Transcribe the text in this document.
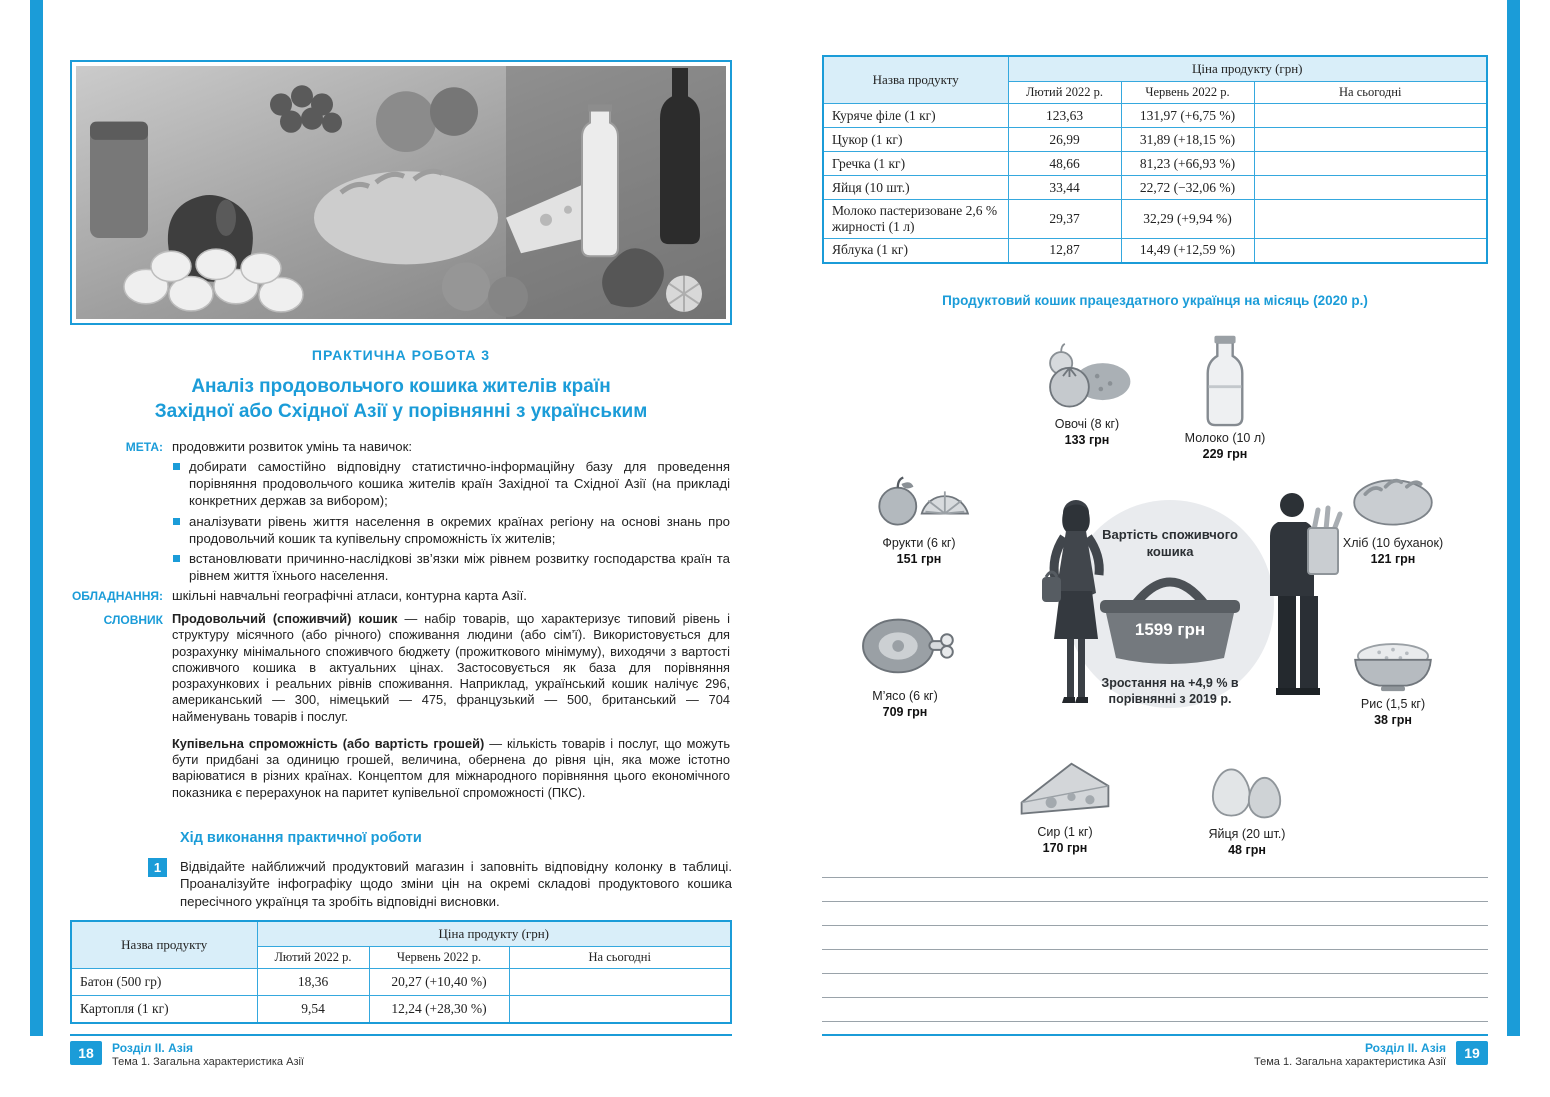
ПРАКТИЧНА РОБОТА 3
Аналіз продовольчого кошика жителів країн
Західної або Східної Азії у порівнянні з українським
МЕТА: продовжити розвиток умінь та навичок:
добирати самостійно відповідну статистично-інформаційну базу для проведення порівняння продовольчого кошика жителів країн Західної та Східної Азії (на прикладі конкретних держав за вибором);
аналізувати рівень життя населення в окремих країнах регіону на основі знань про продовольчий кошик та купівельну спроможність їх жителів;
встановлювати причинно-наслідкові зв’язки між рівнем розвитку господарства країн та рівнем життя їхнього населення.
ОБЛАДНАННЯ: шкільні навчальні географічні атласи, контурна карта Азії.
СЛОВНИК Продовольчий (споживчий) кошик — набір товарів, що характеризує типовий рівень і структуру місячного (або річного) споживання людини (або сім’ї). Використовується для розрахунку мінімального споживчого бюджету (прожиткового мінімуму), виходячи з вартості споживчого кошика в актуальних цінах. Застосовується як база для порівняння розрахункових і реальних рівнів споживання. Наприклад, український кошик налічує 296, американський — 300, німецький — 475, французький — 500, британський — 704 найменувань товарів і послуг.

Купівельна спроможність (або вартість грошей) — кількість товарів і послуг, що можуть бути придбані за одиницю грошей, величина, обернена до рівня цін, яка може істотно варіюватися в різних країнах. Концептом для міжнародного порівняння цього економічного показника є перерахунок на паритет купівельної спроможності (ПКС).

Хід виконання практичної роботи
1	Відвідайте найближчий продуктовий магазин і заповніть відповідну колонку в таблиці. Проаналізуйте інфографіку щодо зміни цін на окремі складові продуктового кошика пересічного українця та зробіть відповідні висновки.
Назва продукту	Ціна продукту (грн)		
	Лютий 2022 р.	Червень 2022 р.	На сьогодні
Батон (500 гр)	18,36	20,27 (+10,40 %)	
Картопля (1 кг)	9,54	12,24 (+28,30 %)	
18	Розділ II. Азія
Тема 1. Загальна характеристика Азії
Назва продукту	Ціна продукту (грн)		
	Лютий 2022 р.	Червень 2022 р.	На сьогодні
Куряче філе (1 кг)	123,63	131,97 (+6,75 %)	
Цукор (1 кг)	26,99	31,89 (+18,15 %)	
Гречка (1 кг)	48,66	81,23 (+66,93 %)	
Яйця (10 шт.)	33,44	22,72 (−32,06 %)	
Молоко пастеризоване 2,6 % жирності (1 л)	29,37	32,29 (+9,94 %)	
Яблука (1 кг)	12,87	14,49 (+12,59 %)	
Продуктовий кошик працездатного українця на місяць (2020 р.)
Вартість споживчого кошика
1599 грн
Зростання на +4,9 % в порівнянні з 2019 р.
Овочі (8 кг)
133 грн	Молоко (10 л)
229 грн
Фрукти (6 кг)
151 грн
Хліб (10 буханок)
121 грн
М’ясо (6 кг)
709 грн
Рис (1,5 кг)
38 грн
Сир (1 кг)
170 грн
Яйця (20 шт.)
48 грн
Розділ II. Азія
Тема 1. Загальна характеристика Азії
19
